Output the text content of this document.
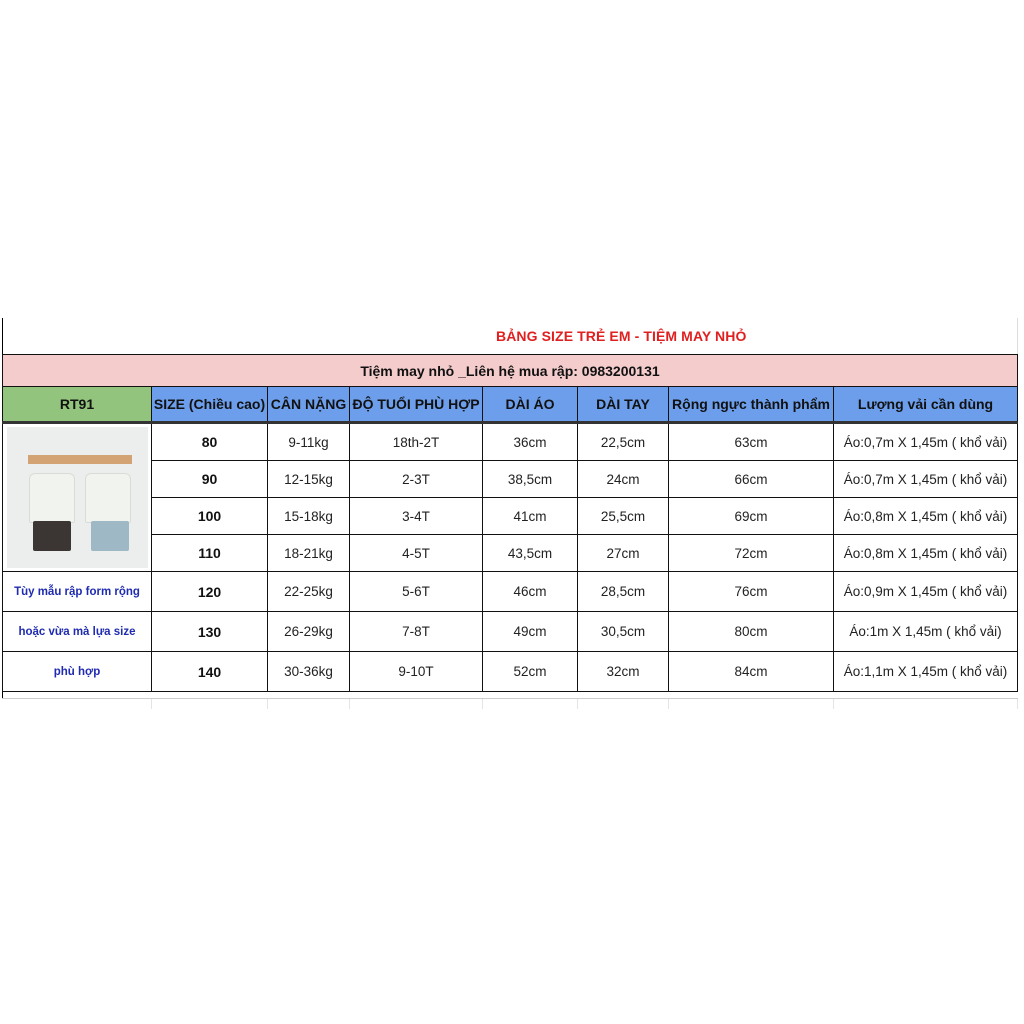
BẢNG SIZE TRẺ EM - TIỆM MAY NHỎ
Tiệm may nhỏ _Liên hệ mua rập: 0983200131							
RT91	SIZE (Chiều cao)	CÂN NẶNG	ĐỘ TUỔI PHÙ HỢP	DÀI ÁO	DÀI TAY	Rộng ngực thành phẩm	Lượng vải cần dùng

	80	9-11kg	18th-2T	36cm	22,5cm	63cm	Áo:0,7m X 1,45m ( khổ vải)
	90	12-15kg	2-3T	38,5cm	24cm	66cm	Áo:0,7m X 1,45m ( khổ vải)
	100	15-18kg	3-4T	41cm	25,5cm	69cm	Áo:0,8m X 1,45m ( khổ vải)
	110	18-21kg	4-5T	43,5cm	27cm	72cm	Áo:0,8m X 1,45m ( khổ vải)
Tùy mẫu rập form rộng	120	22-25kg	5-6T	46cm	28,5cm	76cm	Áo:0,9m X 1,45m ( khổ vải)
hoặc vừa mà lựa size	130	26-29kg	7-8T	49cm	30,5cm	80cm	Áo:1m X 1,45m ( khổ vải)
phù hợp	140	30-36kg	9-10T	52cm	32cm	84cm	Áo:1,1m X 1,45m ( khổ vải)
